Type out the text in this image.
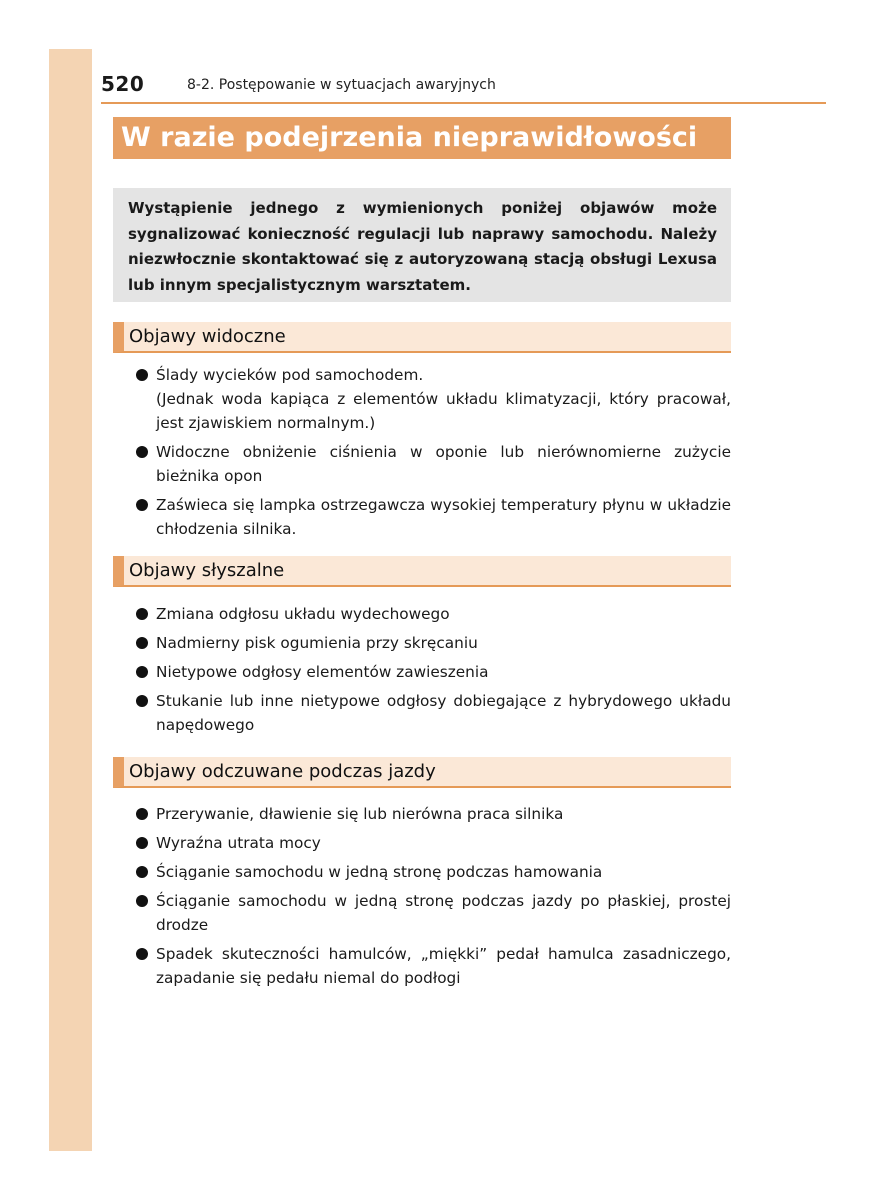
520	8-2. Postępowanie w sytuacjach awaryjnych
W razie podejrzenia nieprawidłowości
Wystąpienie jednego z wymienionych poniżej objawów może sygnalizować konieczność regulacji lub naprawy samochodu. Należy niezwłocznie skontaktować się z autoryzowaną stacją obsługi Lexusa lub innym specjalistycznym warsztatem.
Objawy widoczne
Ślady wycieków pod samochodem.
(Jednak woda kapiąca z elementów układu klimatyzacji, który pracował, jest zjawiskiem normalnym.)
Widoczne obniżenie ciśnienia w oponie lub nierównomierne zużycie bieżnika opon
Zaświeca się lampka ostrzegawcza wysokiej temperatury płynu w układzie chłodzenia silnika.
Objawy słyszalne
Zmiana odgłosu układu wydechowego
Nadmierny pisk ogumienia przy skręcaniu
Nietypowe odgłosy elementów zawieszenia
Stukanie lub inne nietypowe odgłosy dobiegające z hybrydowego układu napędowego
Objawy odczuwane podczas jazdy
Przerywanie, dławienie się lub nierówna praca silnika
Wyraźna utrata mocy
Ściąganie samochodu w jedną stronę podczas hamowania
Ściąganie samochodu w jedną stronę podczas jazdy po płaskiej, prostej drodze
Spadek skuteczności hamulców, „miękki” pedał hamulca zasadniczego, zapadanie się pedału niemal do podłogi
